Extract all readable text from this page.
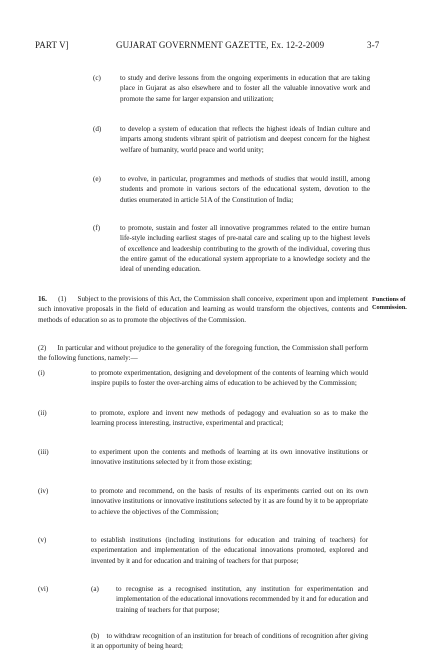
PART V]	GUJARAT GOVERNMENT GAZETTE, Ex. 12-2-2009	3-7
(c)	to study and derive lessons from the ongoing experiments in education that are taking place in Gujarat as also elsewhere and to foster all the valuable innovative work and promote the same for larger expansion and utilization;
(d)	to develop a system of education that reflects the highest ideals of Indian culture and imparts among students vibrant spirit of patriotism and deepest concern for the highest welfare of humanity, world peace and world unity;
(e)	to evolve, in particular, programmes and methods of studies that would instill, among students and promote in various sectors of the educational system, devotion to the duties enumerated in article 51A of the Constitution of India;
(f)	to promote, sustain and foster all innovative programmes related to the entire human life-style including earliest stages of pre-natal care and scaling up to the highest levels of excellence and leadership contributing to the growth of the individual, covering thus the entire gamut of the educational system appropriate to a knowledge society and the ideal of unending education.
16. (1) Subject to the provisions of this Act, the Commission shall conceive, experiment upon and implement such innovative proposals in the field of education and learning as would transform the objectives, contents and methods of education so as to promote the objectives of the Commission.
Functions of Commission.
(2) In particular and without prejudice to the generality of the foregoing function, the Commission shall perform the following functions, namely:—
(i)	to promote experimentation, designing and development of the contents of learning which would inspire pupils to foster the over-arching aims of education to be achieved by the Commission;
(ii)	to promote, explore and invent new methods of pedagogy and evaluation so as to make the learning process interesting, instructive, experimental and practical;
(iii)	to experiment upon the contents and methods of learning at its own innovative institutions or innovative institutions selected by it from those existing;
(iv)	to promote and recommend, on the basis of results of its experiments carried out on its own innovative institutions or innovative institutions selected by it as are found by it to be appropriate to achieve the objectives of the Commission;
(v)	to establish institutions (including institutions for education and training of teachers) for experimentation and implementation of the educational innovations promoted, explored and invented by it and for education and training of teachers for that purpose;
(vi)	(a) to recognise as a recognised institution, any institution for experimentation and implementation of the educational innovations recommended by it and for education and training of teachers for that purpose;
(b) to withdraw recognition of an institution for breach of conditions of recognition after giving it an opportunity of being heard;
